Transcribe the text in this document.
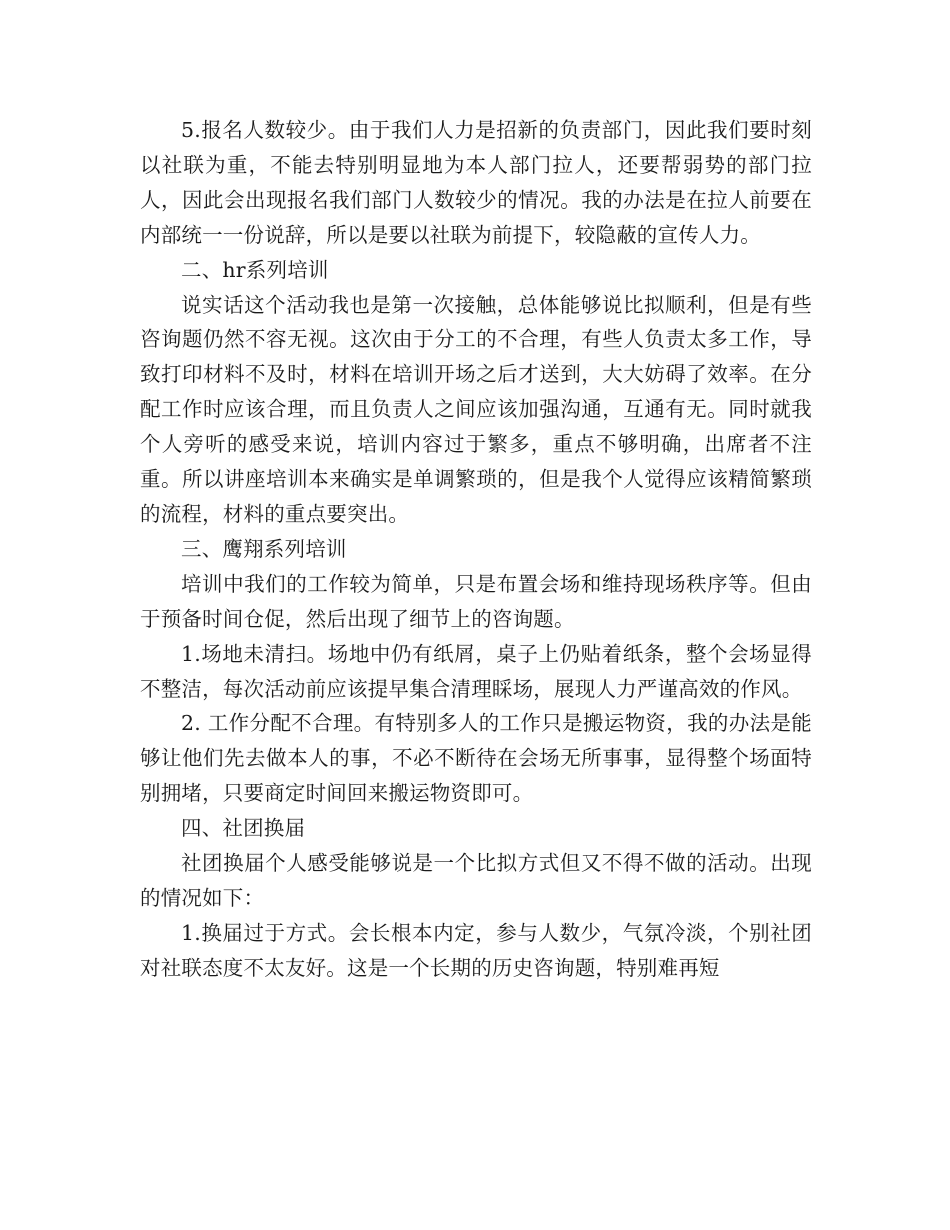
5.报名人数较少。由于我们人力是招新的负责部门，因此我们要时刻以社联为重，不能去特别明显地为本人部门拉人，还要帮弱势的部门拉人，因此会出现报名我们部门人数较少的情况。我的办法是在拉人前要在内部统一一份说辞，所以是要以社联为前提下，较隐蔽的宣传人力。

二、hr系列培训

说实话这个活动我也是第一次接触，总体能够说比拟顺利，但是有些咨询题仍然不容无视。这次由于分工的不合理，有些人负责太多工作，导致打印材料不及时，材料在培训开场之后才送到，大大妨碍了效率。在分配工作时应该合理，而且负责人之间应该加强沟通，互通有无。同时就我个人旁听的感受来说，培训内容过于繁多，重点不够明确，出席者不注重。所以讲座培训本来确实是单调繁琐的，但是我个人觉得应该精简繁琐的流程，材料的重点要突出。

三、鹰翔系列培训

培训中我们的工作较为简单，只是布置会场和维持现场秩序等。但由于预备时间仓促，然后出现了细节上的咨询题。

1.场地未清扫。场地中仍有纸屑，桌子上仍贴着纸条，整个会场显得不整洁，每次活动前应该提早集合清理睬场，展现人力严谨高效的作风。

2. 工作分配不合理。有特别多人的工作只是搬运物资，我的办法是能够让他们先去做本人的事，不必不断待在会场无所事事，显得整个场面特别拥堵，只要商定时间回来搬运物资即可。

四、社团换届

社团换届个人感受能够说是一个比拟方式但又不得不做的活动。出现的情况如下：

1.换届过于方式。会长根本内定，参与人数少，气氛冷淡，个别社团对社联态度不太友好。这是一个长期的历史咨询题，特别难再短
